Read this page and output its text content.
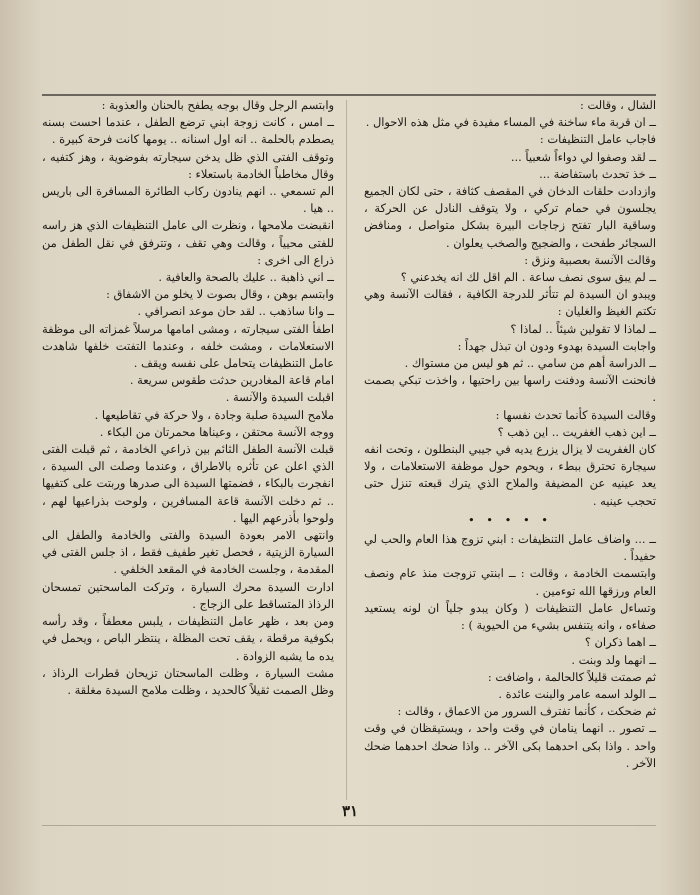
الشال ، وقالت :

ــ ان قربة ماء ساخنة في المساء مفيدة في مثل هذه الاحوال .

فاجاب عامل التنظيفات :

ــ لقد وصفوا لي دواءاً شعبياً ...

ــ خذ تحدث باستفاضة ...

وازدادت حلقات الدخان في المقصف كثافة ، حتى لكان الجميع يجلسون في حمام تركي ، ولا يتوقف النادل عن الحركة ، وساقية البار تفتح زجاجات البيرة بشكل متواصل ، ومنافض السجائر طفحت ، والضجيج والصخب يعلوان .

وقالت الآنسة بعصبية ونزق :

ــ لم يبق سوى نصف ساعة . الم اقل لك انه يخدعني ؟

ويبدو ان السيدة لم تتأثر للدرجة الكافية ، فقالت الآنسة وهي تكتم الغيظ والغليان :

ــ لماذا لا تقولين شيئاً .. لماذا ؟

واجابت السيدة بهدوء ودون ان تبذل جهداً :

ــ الدراسة أهم من سامي .. ثم هو ليس من مستواك .

فانحنت الآنسة ودفنت راسها بين راحتيها ، واخذت تبكي بصمت .

وقالت السيدة كأنما تحدث نفسها :

ــ اين ذهب الغفريت .. اين ذهب ؟

كان الغفريت لا يزال يزرع يديه في جيبي البنطلون ، وتحت انفه سيجارة تحترق ببطء ، ويحوم حول موظفة الاستعلامات ، ولا يعد عينيه عن المضيفة والملاح الذي يترك قبعته تنزل حتى تحجب عينيه .

• • • • •

ــ ... واضاف عامل التنظيفات : ابني تزوج هذا العام والحب لي حفيداً .

وابتسمت الخادمة ، وقالت : ــ ابنتي تزوجت منذ عام ونصف العام ورزقها الله توءمين .

وتساءل عامل التنظيفات ( وكان يبدو جلياً ان لونه يستعيد صفاءه ، وانه يتنفس بشيء من الحيوية ) :

ــ اهما ذكران ؟

ــ انهما ولد وبنت .

ثم صمتت قليلاً كالحالمة ، واضافت :

ــ الولد اسمه عامر والبنت عائدة .

ثم ضحكت ، كأنما تفترف السرور من الاعماق ، وقالت :

ــ تصور .. انهما ينامان في وقت واحد ، ويستيقظان في وقت واحد . واذا بكى احدهما بكى الآخر .. واذا ضحك احدهما ضحك الآخر .

وابتسم الرجل وقال بوجه يطفح بالحنان والعذوبة :

ــ امس ، كانت زوجة ابني ترضع الطفل ، عندما احست بسنه يصطدم بالحلمة .. انه اول اسنانه .. يومها كانت فرحة كبيرة .

وتوقف الفتى الذي ظل يدخن سيجارته بفوضوية ، وهز كتفيه ، وقال مخاطباً الخادمة باستعلاء :

الم تسمعي .. انهم ينادون ركاب الطائرة المسافرة الى باريس .. هيا .

انقبضت ملامحها ، ونظرت الى عامل التنظيفات الذي هز راسه للفتى محيياً ، وقالت وهي تقف ، وتترفق في نقل الطفل من ذراع الى اخرى :

ــ اني ذاهبة .. عليك بالصحة والعافية .

وابتسم بوهن ، وقال بصوت لا يخلو من الاشفاق :

ــ وانا ساذهب .. لقد حان موعد انصرافي .

اطفأ الفتى سيجارته ، ومشى امامها مرسلاً غمزاته الى موظفة الاستعلامات ، ومشت خلفه ، وعندما التفتت خلفها شاهدت عامل التنظيفات يتحامل على نفسه ويقف .

امام قاعة المغادرين حدثت طقوس سريعة .

اقبلت السيدة والآنسة .

ملامح السيدة صلبة وجادة ، ولا حركة في تقاطيعها .

ووجه الآنسة محتقن ، وعيناها محمرتان من البكاء .

قبلت الآنسة الطفل الثائم بين ذراعي الخادمة ، ثم قبلت الفتى الذي اعلن عن تأثره بالاطراق ، وعندما وصلت الى السيدة ، انفجرت بالبكاء ، فضمتها السيدة الى صدرها وربتت على كتفيها .. ثم دخلت الآنسة قاعة المسافرين ، ولوحت بذراعيها لهم ، ولوحوا بأذرعهم اليها .

وانتهى الامر بعودة السيدة والفتى والخادمة والطفل الى السيارة الزيتية ، فحصل تغير طفيف فقط ، اذ جلس الفتى في المقدمة ، وجلست الخادمة في المقعد الخلفي .

ادارت السيدة محرك السيارة ، وتركت الماسحتين تمسحان الرذاذ المتساقط على الزجاج .

ومن بعد ، ظهر عامل التنظيفات ، يلبس معطفاً ، وقد رأسه بكوفية مرقطة ، يقف تحت المظلة ، ينتظر الباص ، ويحمل في يده ما يشبه الزوادة .

مشت السيارة ، وظلت الماسحتان تزيحان قطرات الرذاذ ، وظل الصمت ثقيلاً كالحديد ، وظلت ملامح السيدة مغلقة .

٣١
